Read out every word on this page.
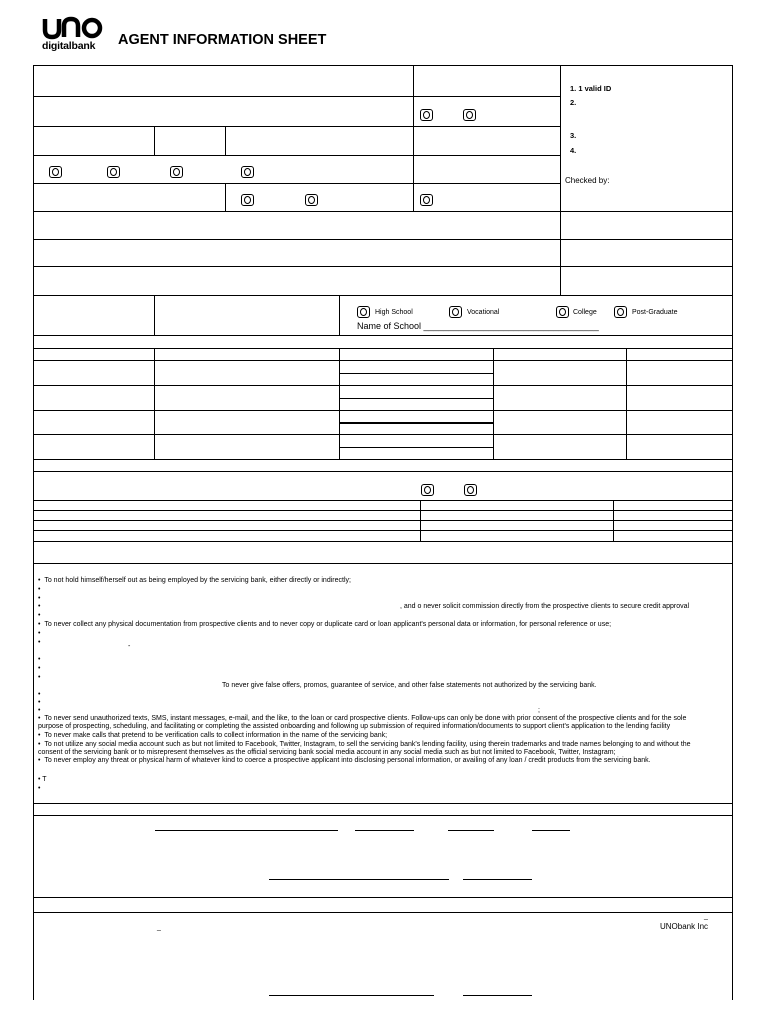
digitalbank AGENT INFORMATION SHEET
1. 1 valid ID
2.
3.
4.
Checked by:
High School	Vocational	College	Post-Graduate
Name of School ___________________________________
•  To not hold himself/herself out as being employed by the servicing bank, either directly or indirectly;
•
•
•	, and o never solicit commission directly from the prospective clients to secure credit approval
•
•  To never collect any physical documentation from prospective clients and to never copy or duplicate card or loan applicant's personal data or information, for personal reference or use;
•
•
-
•
•
•
To never give false offers, promos, guarantee of service, and other false statements not authorized by the servicing bank.
•
•
•	;
•  To never send unauthorized texts, SMS, instant messages, e-mail, and the like, to the loan or card prospective clients. Follow-ups can only be done with prior consent of the prospective clients and for the sole
purpose of prospecting, scheduling, and facilitating or completing the assisted onboarding and following up submission of required information/documents to support client's application to the lending facility
•  To never make calls that pretend to be verification calls to collect information in the name of the servicing bank;
•  To not utilize any social media account such as but not limited to Facebook, Twitter, Instagram, to sell the servicing bank's lending facility, using therein trademarks and trade names belonging to and without the
consent of the servicing bank or to misrepresent themselves as the official servicing bank social media account in any social media such as but not limited to Facebook, Twitter, Instagram;
•  To never employ any threat or physical harm of whatever kind to coerce a prospective applicant into disclosing personal information, or availing of any loan / credit products from the servicing bank.
• T
•
_
_	UNObank Inc
